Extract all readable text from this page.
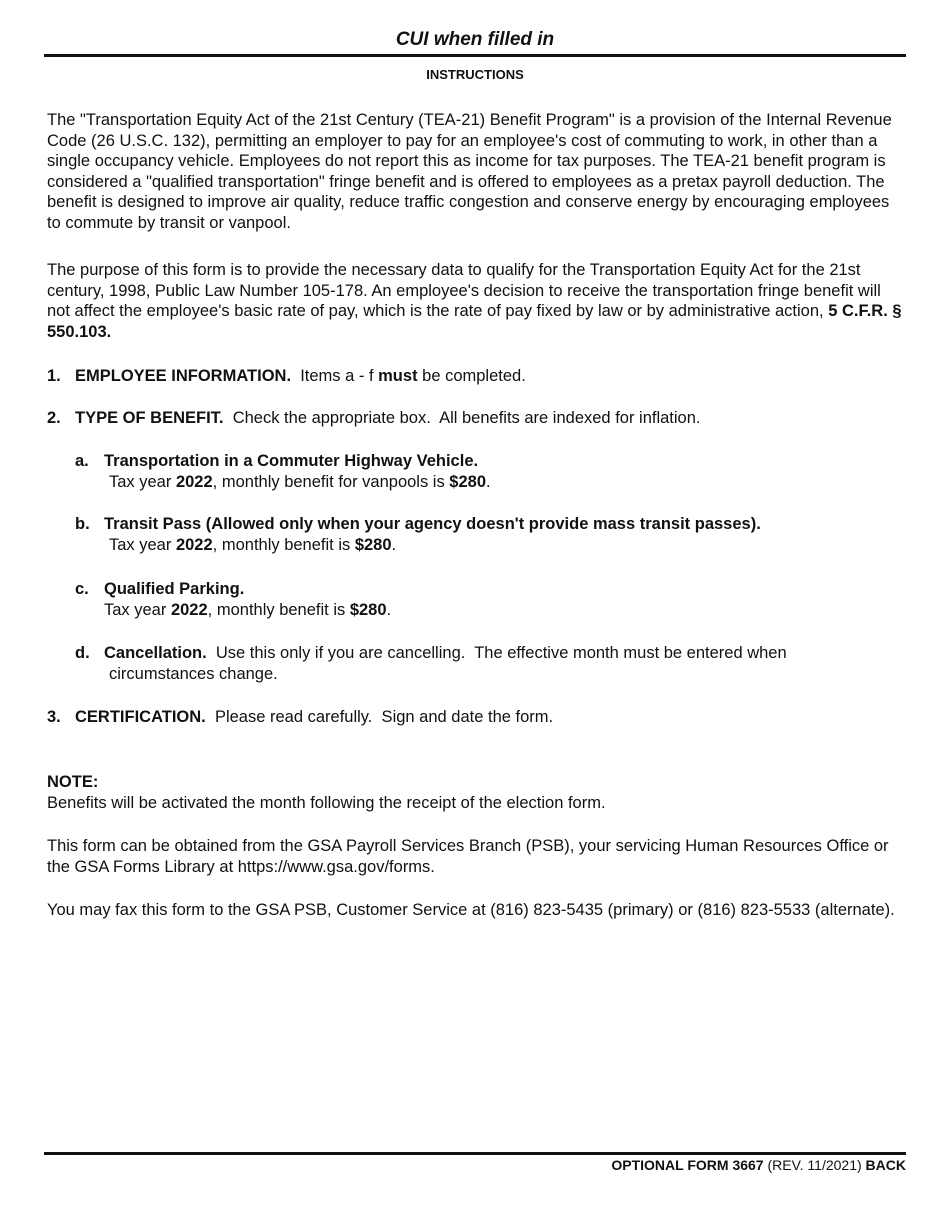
CUI when filled in
INSTRUCTIONS
The "Transportation Equity Act of the 21st Century (TEA-21) Benefit Program" is a provision of the Internal Revenue Code (26 U.S.C. 132), permitting an employer to pay for an employee's cost of commuting to work, in other than a single occupancy vehicle. Employees do not report this as income for tax purposes. The TEA-21 benefit program is considered a "qualified transportation" fringe benefit and is offered to employees as a pretax payroll deduction. The benefit is designed to improve air quality, reduce traffic congestion and conserve energy by encouraging employees to commute by transit or vanpool.
The purpose of this form is to provide the necessary data to qualify for the Transportation Equity Act for the 21st century, 1998, Public Law Number 105-178. An employee's decision to receive the transportation fringe benefit will not affect the employee's basic rate of pay, which is the rate of pay fixed by law or by administrative action, 5 C.F.R. § 550.103.
1. EMPLOYEE INFORMATION.  Items a - f must be completed.
2. TYPE OF BENEFIT.  Check the appropriate box.  All benefits are indexed for inflation.
a. Transportation in a Commuter Highway Vehicle.
Tax year 2022, monthly benefit for vanpools is $280.
b. Transit Pass (Allowed only when your agency doesn't provide mass transit passes).
Tax year 2022, monthly benefit is $280.
c. Qualified Parking.
Tax year 2022, monthly benefit is $280.
d. Cancellation.  Use this only if you are cancelling.  The effective month must be entered when
circumstances change.
3. CERTIFICATION.  Please read carefully.  Sign and date the form.
NOTE:
Benefits will be activated the month following the receipt of the election form.
This form can be obtained from the GSA Payroll Services Branch (PSB), your servicing Human Resources Office or the GSA Forms Library at https://www.gsa.gov/forms.
You may fax this form to the GSA PSB, Customer Service at (816) 823-5435 (primary) or (816) 823-5533 (alternate).
OPTIONAL FORM 3667 (REV. 11/2021) BACK
